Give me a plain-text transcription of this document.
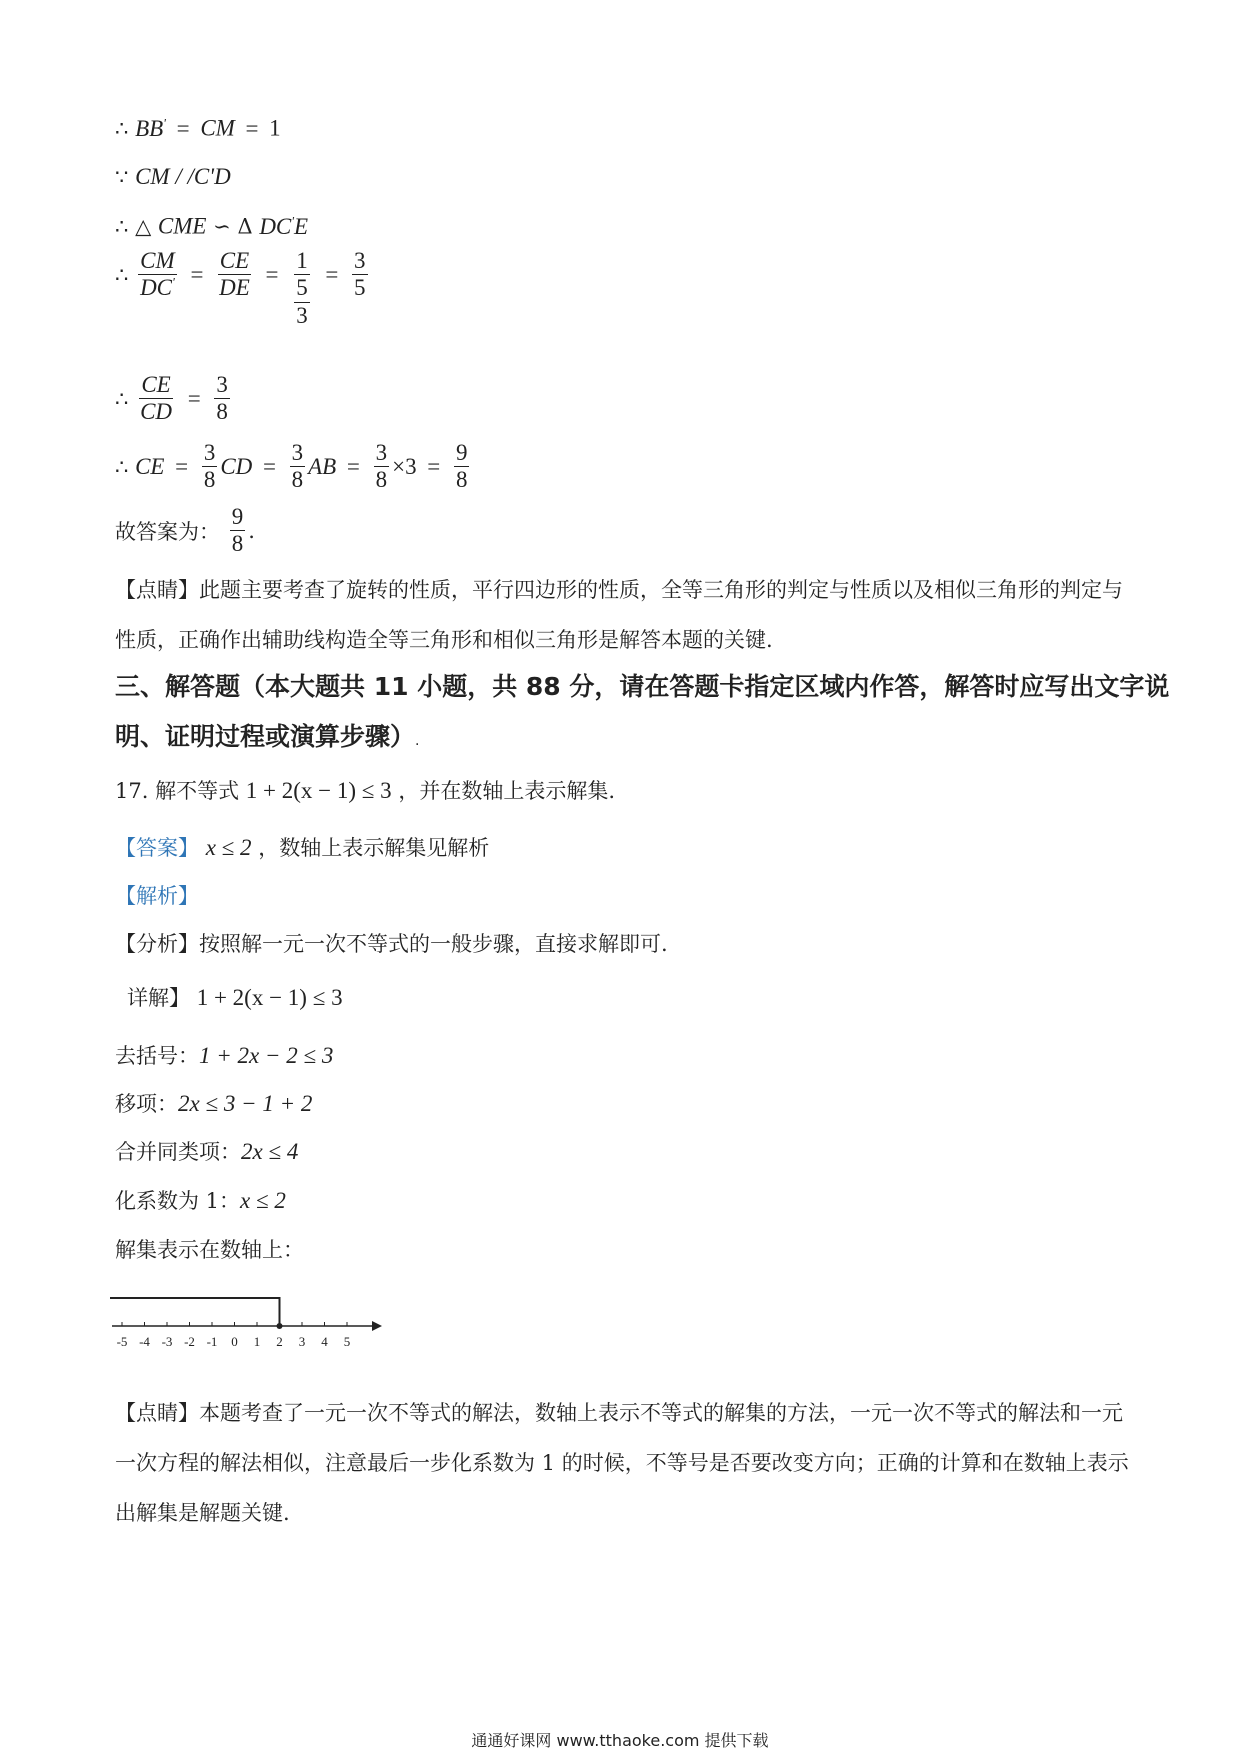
∴ BB' = CM = 1
∵ CM / /C'D
∴ △ CME ∽ Δ DC'E
∴ $\frac{CM}{DC'} = \frac{CE}{DE} = \frac{1}{\frac{5}{3}} = \frac{3}{5}$
∴ $\frac{CE}{CD} = \frac{3}{8}$
∴ CE = $\frac{3}{8}$ CD = $\frac{3}{8}$ AB = $\frac{3}{8} \times 3 = \frac{9}{8}$
故答案为： $\frac{9}{8}$ .
【点睛】此题主要考查了旋转的性质，平行四边形的性质，全等三角形的判定与性质以及相似三角形的判定与性质，正确作出辅助线构造全等三角形和相似三角形是解答本题的关键.
三、解答题（本大题共 11 小题，共 88 分，请在答题卡指定区域内作答，解答时应写出文字说
明、证明过程或演算步骤）.
17. 解不等式 1 + 2(x − 1) ≤ 3 ，并在数轴上表示解集.
【答案】 x ≤ 2 ，数轴上表示解集见解析
【解析】
【分析】按照解一元一次不等式的一般步骤，直接求解即可.
详解】 1 + 2(x − 1) ≤ 3
去括号：1 + 2x − 2 ≤ 3
移项：2x ≤ 3 − 1 + 2
合并同类项：2x ≤ 4
化系数为 1：x ≤ 2
解集表示在数轴上：
-5 -4 -3 -2 -1 0 1 2 3 4 5
【点睛】本题考查了一元一次不等式的解法，数轴上表示不等式的解集的方法，一元一次不等式的解法和一元一次方程的解法相似，注意最后一步化系数为 1 的时候，不等号是否要改变方向；正确的计算和在数轴上表示出解集是解题关键.
通通好课网 www.tthaoke.com 提供下载
